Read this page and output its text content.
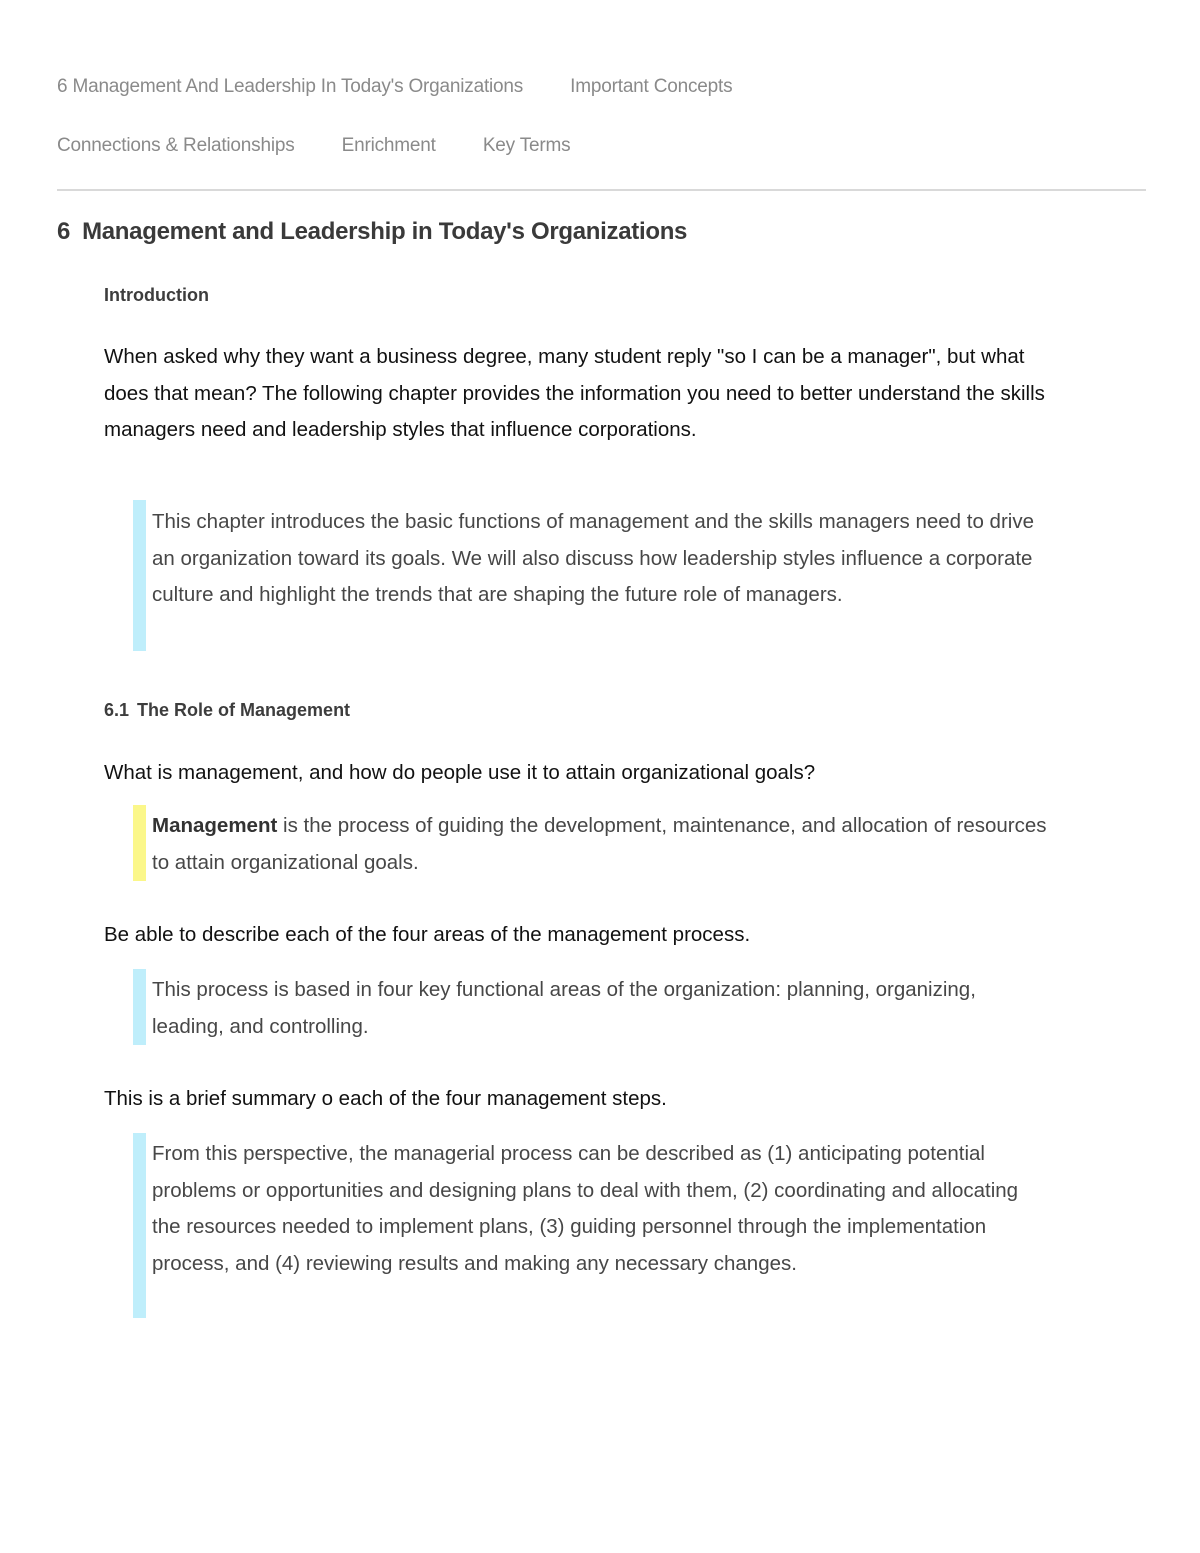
6 Management And Leadership In Today's Organizations Important Concepts
Connections & Relationships Enrichment Key Terms
6 Management and Leadership in Today's Organizations
Introduction

When asked why they want a business degree, many student reply "so I can be a manager", but what does that mean? The following chapter provides the information you need to better understand the skills managers need and leadership styles that influence corporations.

This chapter introduces the basic functions of management and the skills managers need to drive an organization toward its goals. We will also discuss how leadership styles influence a corporate culture and highlight the trends that are shaping the future role of managers.

6.1 The Role of Management

What is management, and how do people use it to attain organizational goals?

Management is the process of guiding the development, maintenance, and allocation of resources to attain organizational goals.

Be able to describe each of the four areas of the management process.

This process is based in four key functional areas of the organization: planning, organizing, leading, and controlling.

This is a brief summary o each of the four management steps.

From this perspective, the managerial process can be described as (1) anticipating potential problems or opportunities and designing plans to deal with them, (2) coordinating and allocating the resources needed to implement plans, (3) guiding personnel through the implementation process, and (4) reviewing results and making any necessary changes.
